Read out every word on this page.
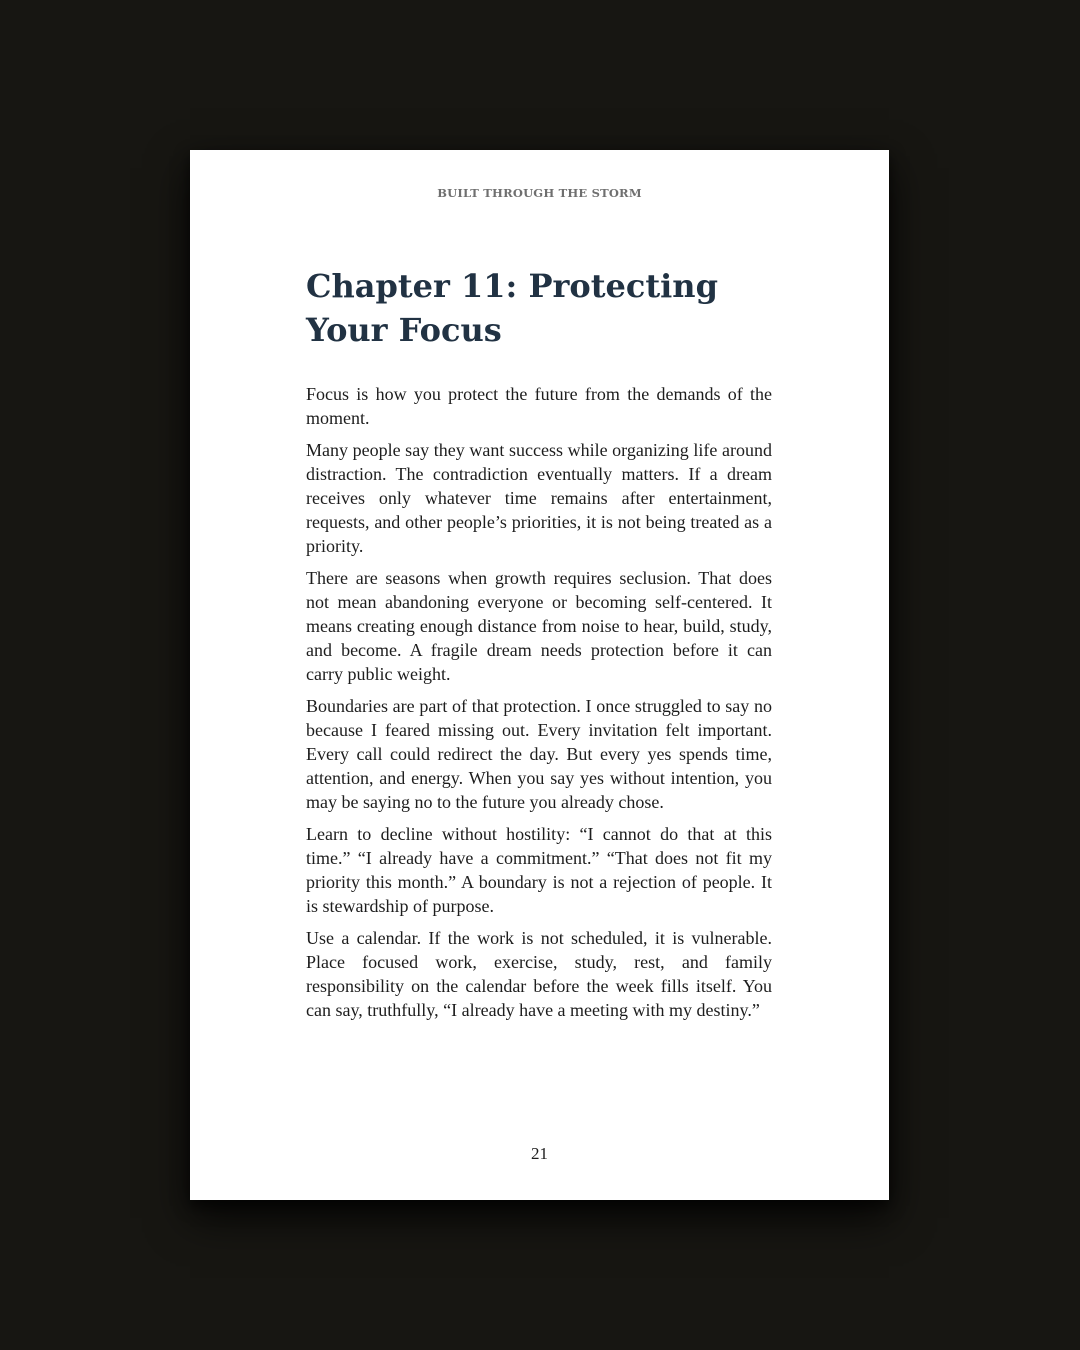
BUILT THROUGH THE STORM
Chapter 11: Protecting Your Focus

Focus is how you protect the future from the demands of the moment.

Many people say they want success while organizing life around distraction. The contradiction eventually matters. If a dream receives only whatever time remains after entertainment, requests, and other people’s priorities, it is not being treated as a priority.

There are seasons when growth requires seclusion. That does not mean abandoning everyone or becoming self-centered. It means creating enough distance from noise to hear, build, study, and become. A fragile dream needs protection before it can carry public weight.

Boundaries are part of that protection. I once struggled to say no because I feared missing out. Every invitation felt important. Every call could redirect the day. But every yes spends time, attention, and energy. When you say yes without intention, you may be saying no to the future you already chose.

Learn to decline without hostility: “I cannot do that at this time.” “I already have a commitment.” “That does not fit my priority this month.” A boundary is not a rejection of people. It is stewardship of purpose.

Use a calendar. If the work is not scheduled, it is vulnerable. Place focused work, exercise, study, rest, and family responsibility on the calendar before the week fills itself. You can say, truthfully, “I already have a meeting with my destiny.”

21
